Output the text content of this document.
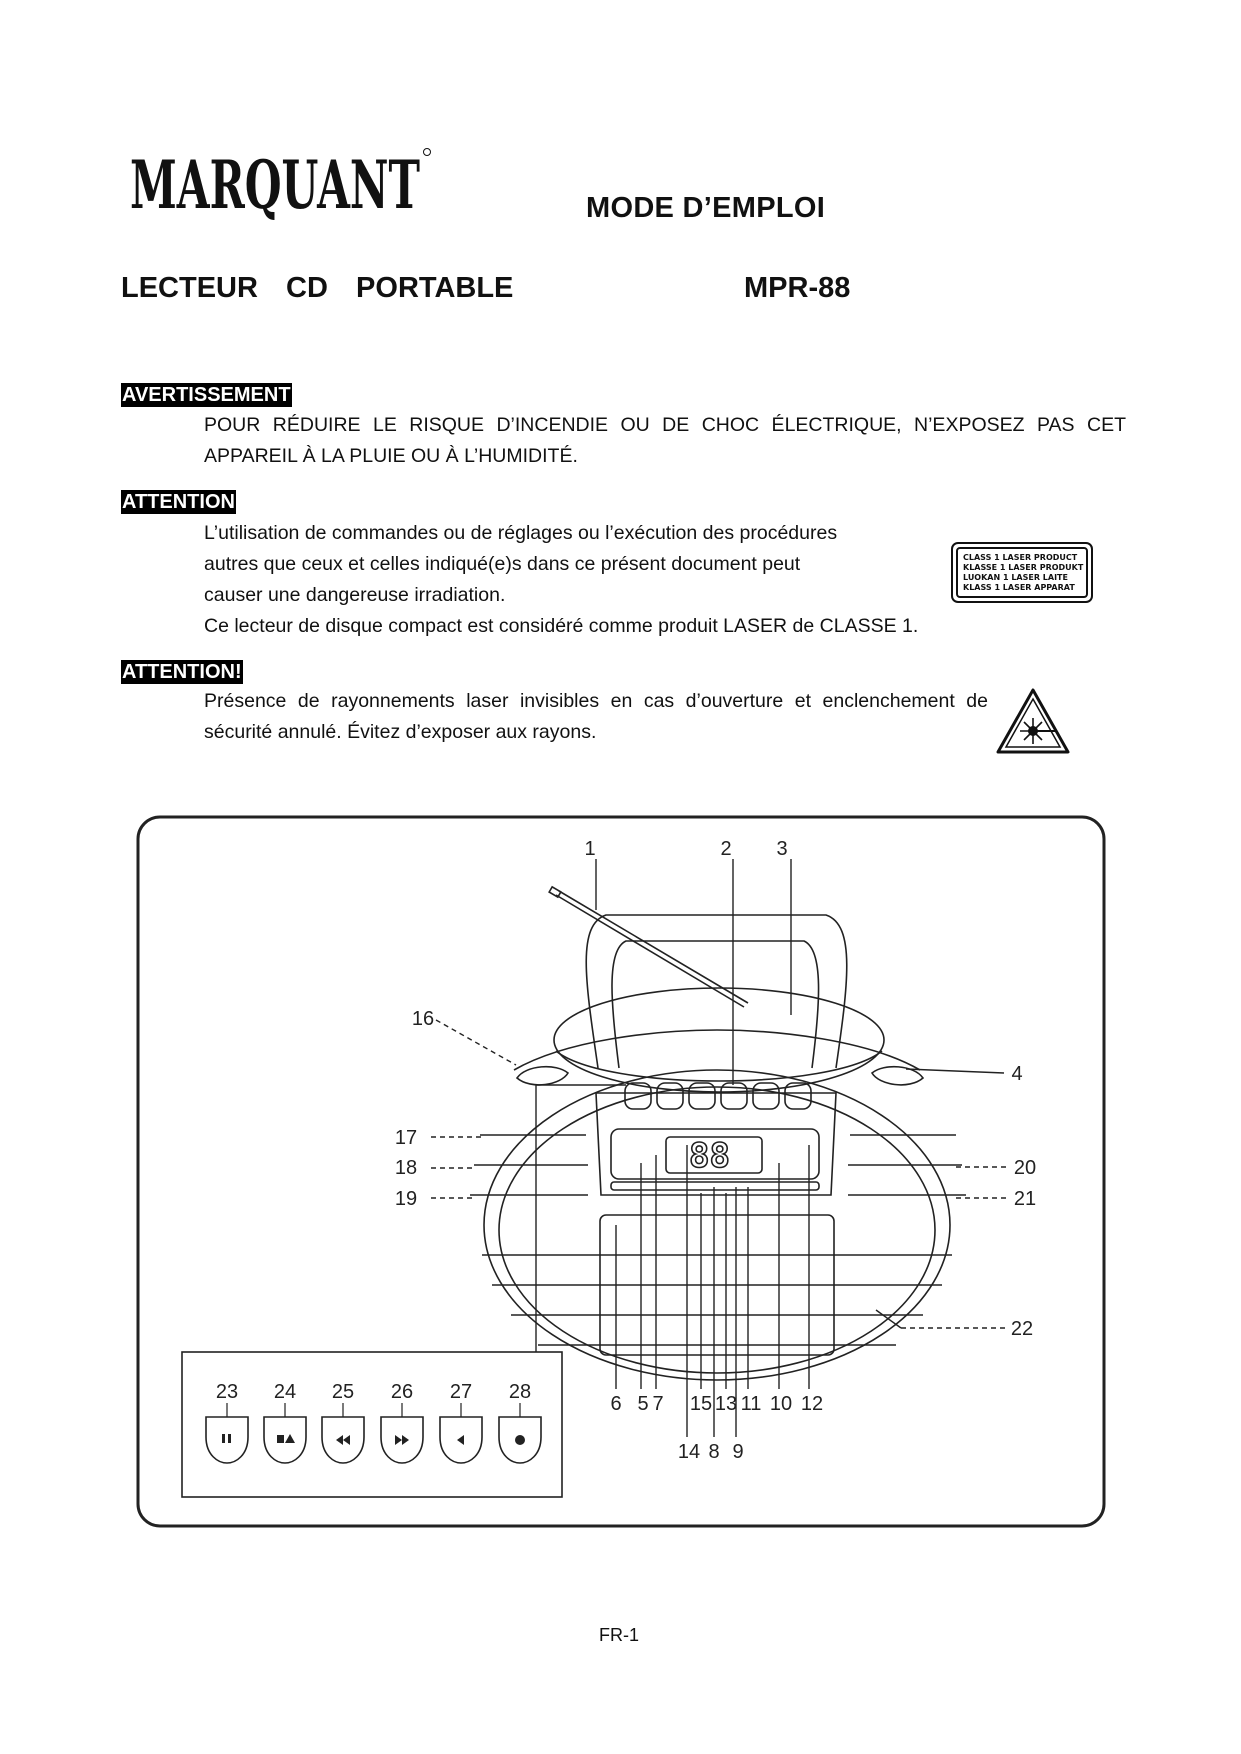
MARQUANT	MODE D’EMPLOI
LECTEUR  CD  PORTABLE	MPR-88
AVERTISSEMENT
POUR RÉDUIRE LE RISQUE D’INCENDIE OU DE CHOC ÉLECTRIQUE, N’EXPOSEZ PAS CET
APPAREIL À LA PLUIE OU À L’HUMIDITÉ.
ATTENTION
L’utilisation de commandes ou de réglages ou l’exécution des procédures
autres que ceux et celles indiqué(e)s dans ce présent document peut
causer une dangereuse irradiation.
Ce lecteur de disque compact est considéré comme produit LASER de CLASSE 1.
CLASS 1 LASER PRODUCT
KLASSE 1 LASER PRODUKT
LUOKAN 1 LASER LAITE
KLASS 1 LASER APPARAT
ATTENTION!
Présence de rayonnements laser invisibles en cas d’ouverture et enclenchement de
sécurité annulé. Évitez d’exposer aux rayons.
88
1	2 3
4
6 5 7
8 9
10
11 12
13
14
15
16
17
18
19
20
21
22
23 24 25 26 27 28
FR-1
